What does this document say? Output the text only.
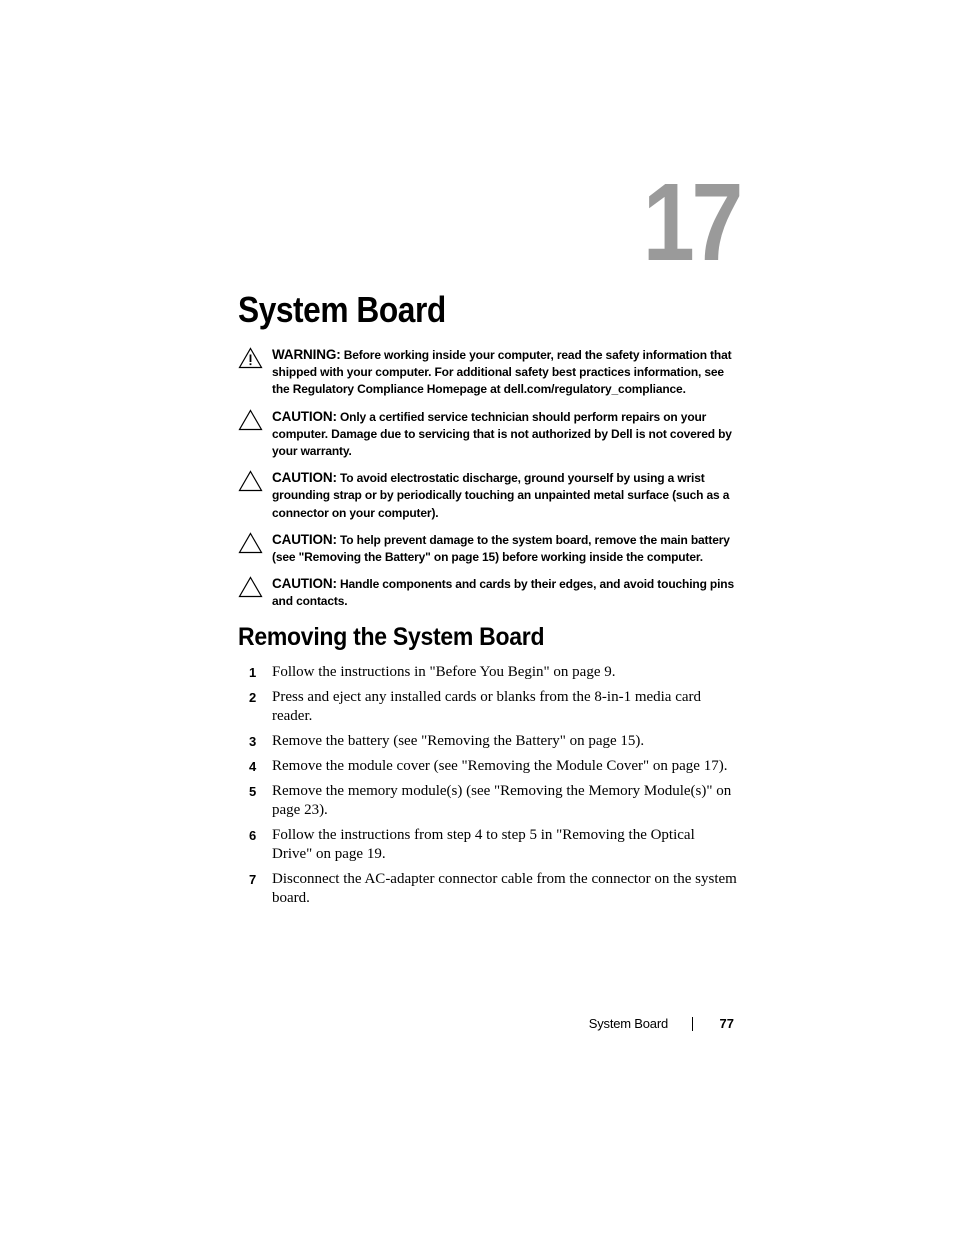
17
System Board
WARNING: Before working inside your computer, read the safety information that shipped with your computer. For additional safety best practices information, see the Regulatory Compliance Homepage at dell.com/regulatory_compliance.
CAUTION: Only a certified service technician should perform repairs on your computer. Damage due to servicing that is not authorized by Dell is not covered by your warranty.
CAUTION: To avoid electrostatic discharge, ground yourself by using a wrist grounding strap or by periodically touching an unpainted metal surface (such as a connector on your computer).
CAUTION: To help prevent damage to the system board, remove the main battery (see "Removing the Battery" on page 15) before working inside the computer.
CAUTION: Handle components and cards by their edges, and avoid touching pins and contacts.
Removing the System Board
1 Follow the instructions in "Before You Begin" on page 9.
2 Press and eject any installed cards or blanks from the 8-in-1 media card reader.
3 Remove the battery (see "Removing the Battery" on page 15).
4 Remove the module cover (see "Removing the Module Cover" on page 17).
5 Remove the memory module(s) (see "Removing the Memory Module(s)" on page 23).
6 Follow the instructions from step 4 to step 5 in "Removing the Optical Drive" on page 19.
7 Disconnect the AC-adapter connector cable from the connector on the system board.
System Board	77
